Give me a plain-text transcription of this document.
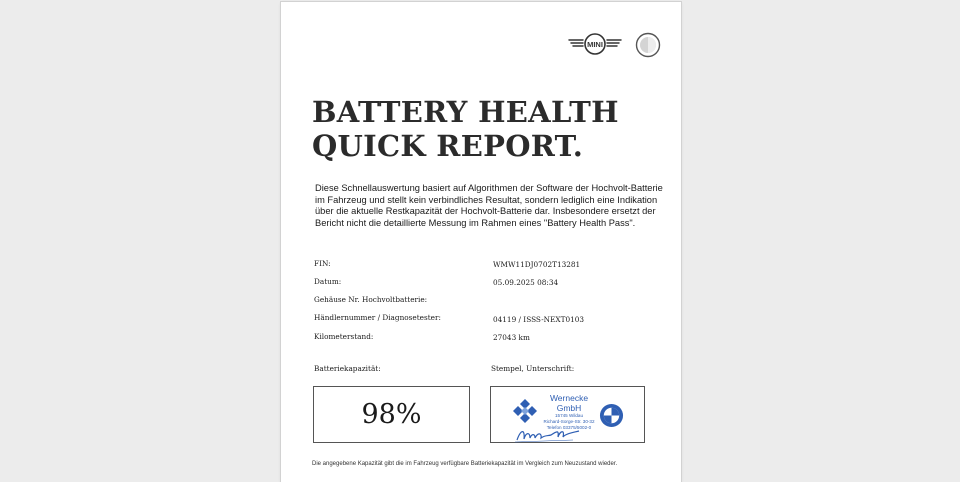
MINI
BATTERY HEALTH
QUICK REPORT.
Diese Schnellauswertung basiert auf Algorithmen der Software der Hochvolt-Batterie im Fahrzeug und stellt kein verbindliches Resultat, sondern lediglich eine Indikation über die aktuelle Restkapazität der Hochvolt-Batterie dar. Insbesondere ersetzt der Bericht nicht die detaillierte Messung im Rahmen eines "Battery Health Pass".
FIN:	WMW11DJ0702T13281
Datum:	05.09.2025 08:34
Gehäuse Nr. Hochvoltbatterie:
Händlernummer / Diagnosetester:	04119 / ISSS-NEXT0103
Kilometerstand:	27043 km
Batteriekapazität:	Stempel, Unterschrift:
98%
Wernecke GmbH
15745 Wildau
Richard-Sorge-Str. 30-32
Telefon 03375/5002-0
Die angegebene Kapazität gibt die im Fahrzeug verfügbare Batteriekapazität im Vergleich zum Neuzustand wieder.
